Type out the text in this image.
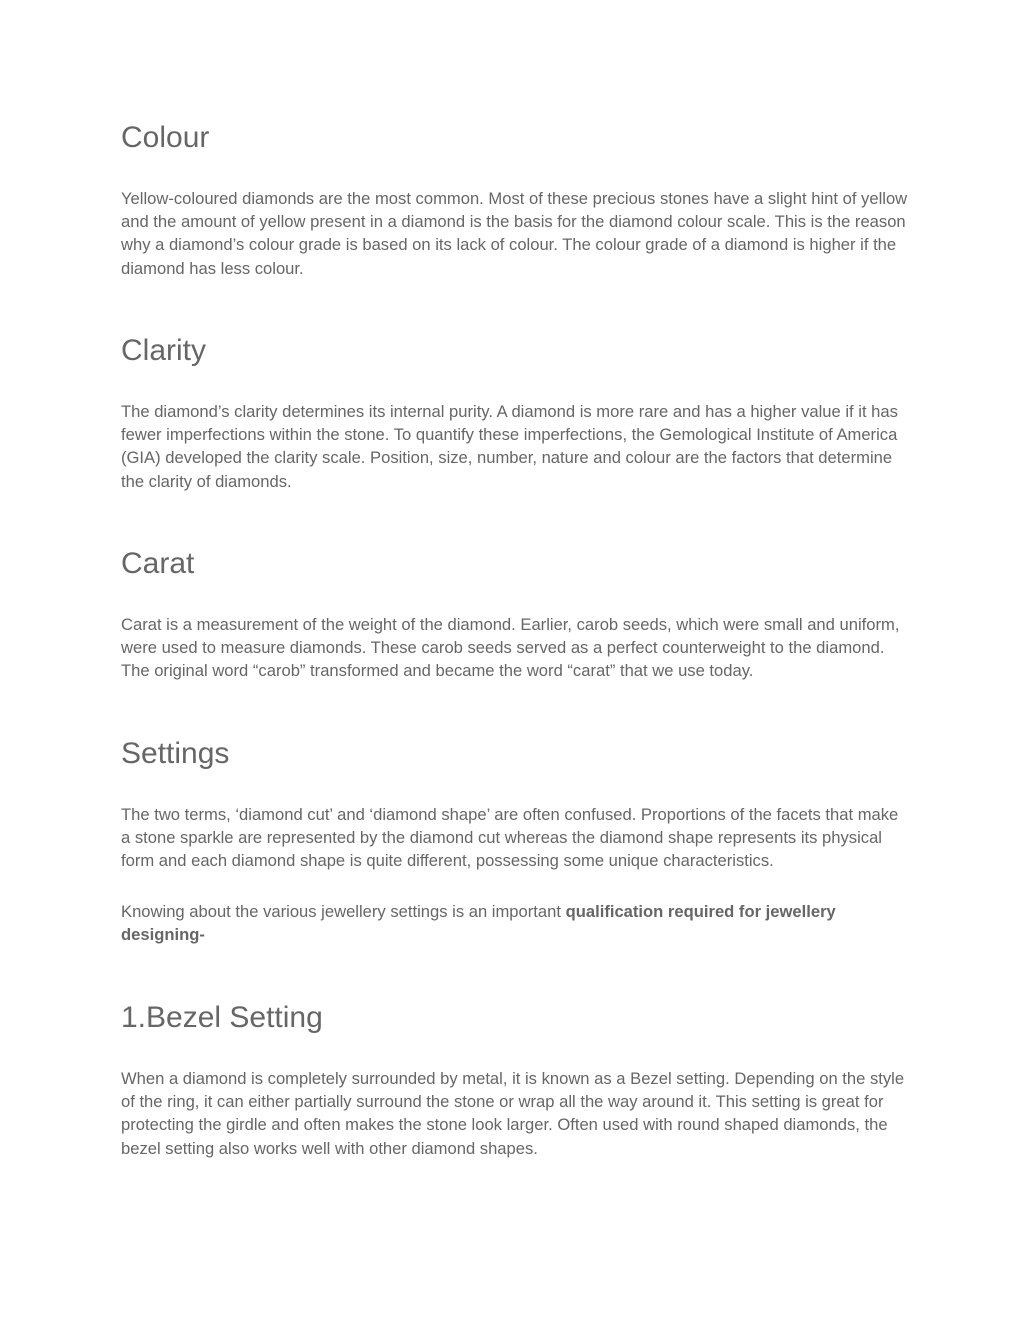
Colour

Yellow-coloured diamonds are the most common. Most of these precious stones have a slight hint of yellow and the amount of yellow present in a diamond is the basis for the diamond colour scale. This is the reason why a diamond’s colour grade is based on its lack of colour. The colour grade of a diamond is higher if the diamond has less colour.

Clarity

The diamond’s clarity determines its internal purity. A diamond is more rare and has a higher value if it has fewer imperfections within the stone. To quantify these imperfections, the Gemological Institute of America (GIA) developed the clarity scale. Position, size, number, nature and colour are the factors that determine the clarity of diamonds.

Carat

Carat is a measurement of the weight of the diamond. Earlier, carob seeds, which were small and uniform, were used to measure diamonds. These carob seeds served as a perfect counterweight to the diamond. The original word “carob” transformed and became the word “carat” that we use today.

Settings

The two terms, ‘diamond cut’ and ‘diamond shape’ are often confused. Proportions of the facets that make a stone sparkle are represented by the diamond cut whereas the diamond shape represents its physical form and each diamond shape is quite different, possessing some unique characteristics.

Knowing about the various jewellery settings is an important qualification required for jewellery designing-

1.Bezel Setting

When a diamond is completely surrounded by metal, it is known as a Bezel setting. Depending on the style of the ring, it can either partially surround the stone or wrap all the way around it. This setting is great for protecting the girdle and often makes the stone look larger. Often used with round shaped diamonds, the bezel setting also works well with other diamond shapes.
